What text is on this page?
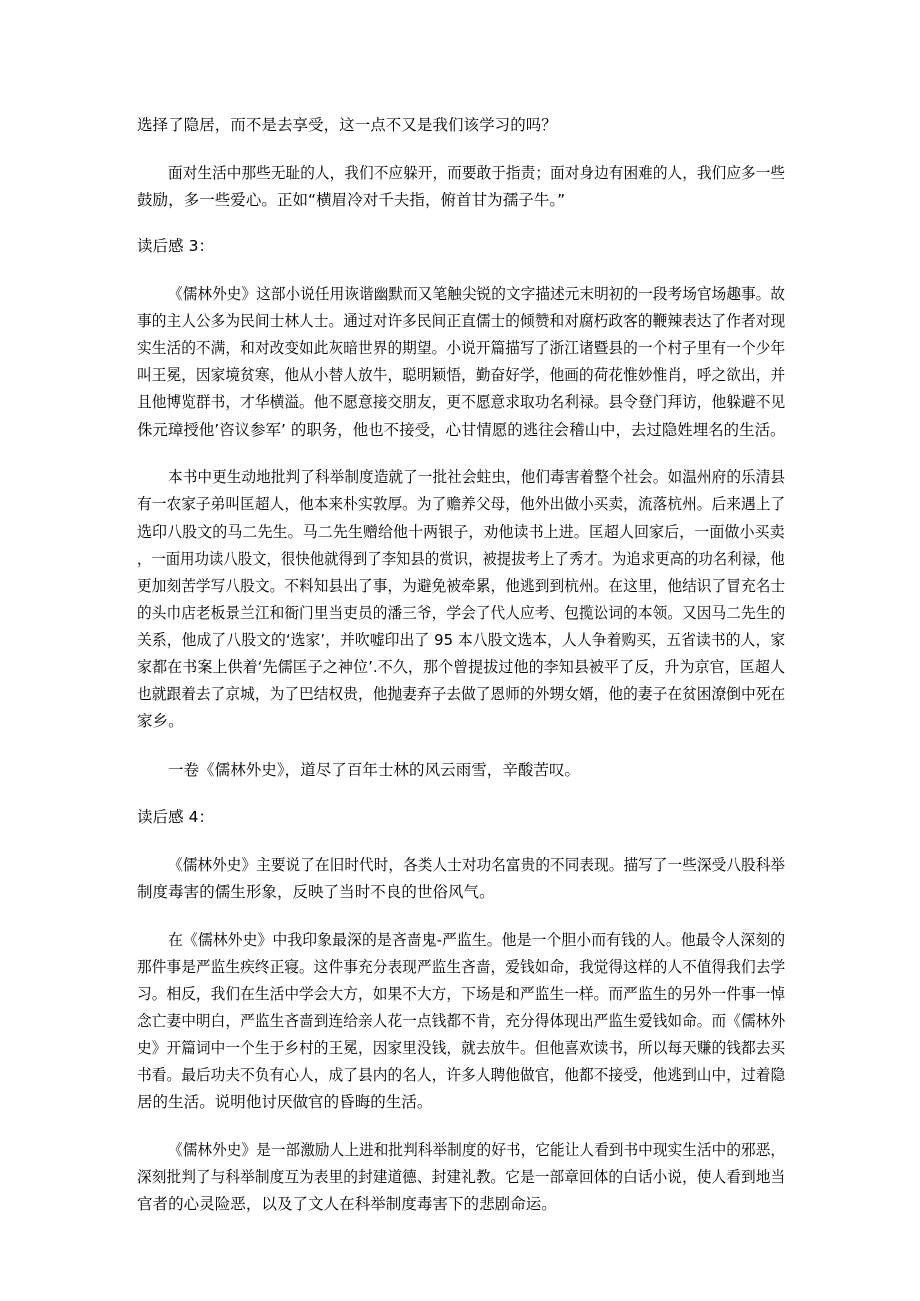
选择了隐居，而不是去享受，这一点不又是我们该学习的吗？
面对生活中那些无耻的人，我们不应躲开，而要敢于指责；面对身边有困难的人，我们应多一些
鼓励，多一些爱心。正如“横眉冷对千夫指，俯首甘为孺子牛。”
读后感 3：
《儒林外史》这部小说任用诙谐幽默而又笔触尖锐的文字描述元末明初的一段考场官场趣事。故
事的主人公多为民间士林人士。通过对许多民间正直儒士的倾赞和对腐朽政客的鞭辣表达了作者对现
实生活的不满，和对改变如此灰暗世界的期望。小说开篇描写了浙江诸暨县的一个村子里有一个少年
叫王冕，因家境贫寒，他从小替人放牛，聪明颖悟，勤奋好学，他画的荷花惟妙惟肖，呼之欲出，并
且他博览群书，才华横溢。他不愿意接交朋友，更不愿意求取功名利禄。县令登门拜访，他躲避不见
侏元璋授他’咨议参军’ 的职务，他也不接受，心甘情愿的逃往会稽山中，去过隐姓埋名的生活。
本书中更生动地批判了科举制度造就了一批社会蛀虫，他们毒害着整个社会。如温州府的乐清县
有一农家子弟叫匡超人，他本来朴实敦厚。为了赡养父母，他外出做小买卖，流落杭州。后来遇上了
选印八股文的马二先生。马二先生赠给他十两银子，劝他读书上进。匡超人回家后，一面做小买卖
，一面用功读八股文，很快他就得到了李知县的赏识，被提拔考上了秀才。为追求更高的功名利禄，他
更加刻苦学写八股文。不料知县出了事，为避免被牵累，他逃到到杭州。在这里，他结识了冒充名士
的头巾店老板景兰江和衙门里当吏员的潘三爷，学会了代人应考、包揽讼词的本领。又因马二先生的
关系，他成了八股文的‘选家’，并吹嘘印出了 95 本八股文选本，人人争着购买，五省读书的人，家
家都在书案上供着‘先儒匡子之神位’.不久，那个曾提拔过他的李知县被平了反，升为京官，匡超人
也就跟着去了京城，为了巴结权贵，他抛妻弃子去做了恩师的外甥女婿，他的妻子在贫困潦倒中死在
家乡。
一卷《儒林外史》，道尽了百年士林的风云雨雪，辛酸苦叹。
读后感 4：
《儒林外史》主要说了在旧时代时，各类人士对功名富贵的不同表现。描写了一些深受八股科举
制度毒害的儒生形象，反映了当时不良的世俗风气。
在《儒林外史》中我印象最深的是吝啬鬼-严监生。他是一个胆小而有钱的人。他最令人深刻的
那件事是严监生疾终正寝。这件事充分表现严监生吝啬，爱钱如命，我觉得这样的人不值得我们去学
习。相反，我们在生活中学会大方，如果不大方，下场是和严监生一样。而严监生的另外一件事一悼
念亡妻中明白，严监生吝啬到连给亲人花一点钱都不肯，充分得体现出严监生爱钱如命。而《儒林外
史》开篇词中一个生于乡村的王冕，因家里没钱，就去放牛。但他喜欢读书，所以每天赚的钱都去买
书看。最后功夫不负有心人，成了县内的名人，许多人聘他做官，他都不接受，他逃到山中，过着隐
居的生活。说明他讨厌做官的昏晦的生活。
《儒林外史》是一部激励人上进和批判科举制度的好书，它能让人看到书中现实生活中的邪恶，
深刻批判了与科举制度互为表里的封建道德、封建礼教。它是一部章回体的白话小说，使人看到地当
官者的心灵险恶，以及了文人在科举制度毒害下的悲剧命运。
